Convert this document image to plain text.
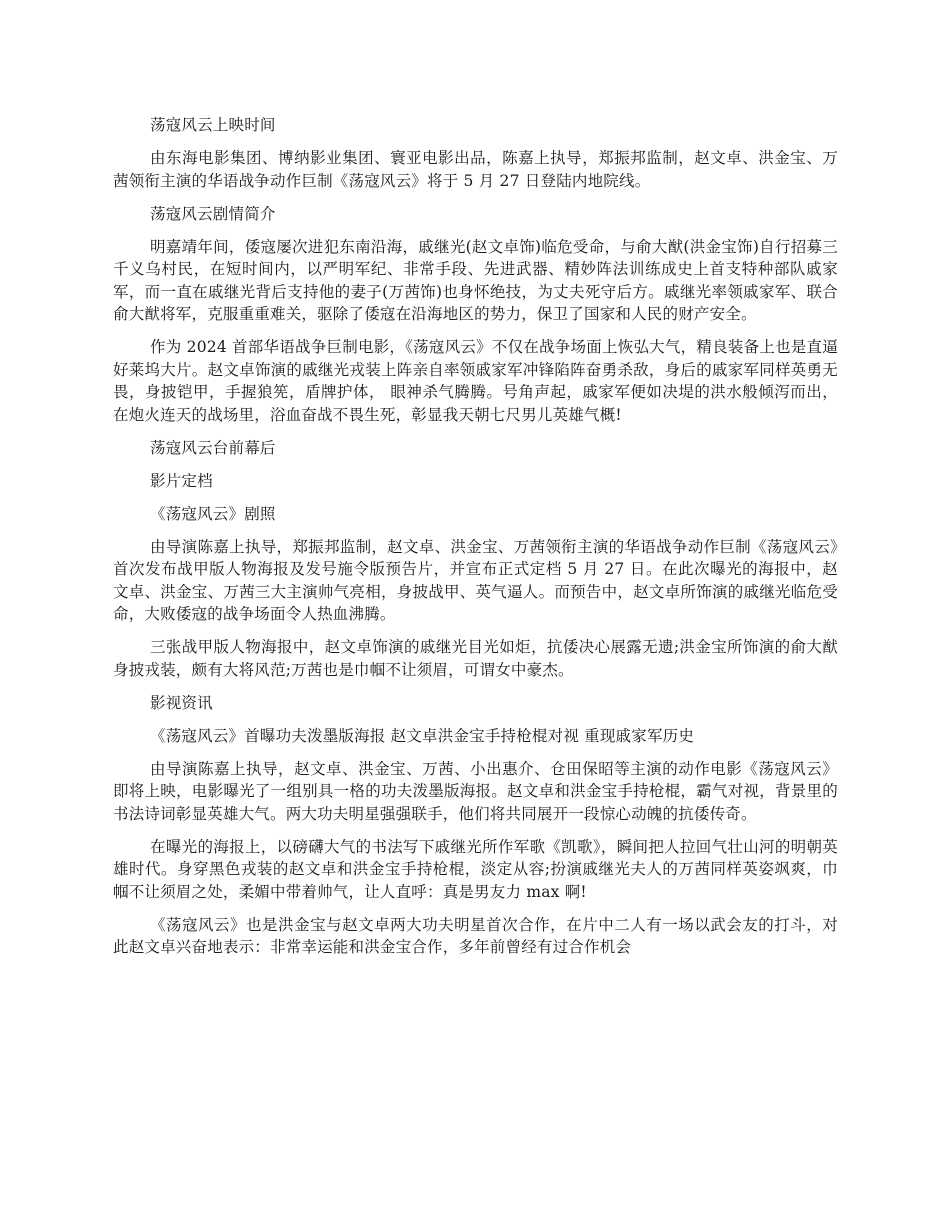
荡寇风云上映时间

由东海电影集团、博纳影业集团、寰亚电影出品，陈嘉上执导，郑振邦监制，赵文卓、洪金宝、万茜领衔主演的华语战争动作巨制《荡寇风云》将于 5 月 27 日登陆内地院线。

荡寇风云剧情简介

明嘉靖年间，倭寇屡次进犯东南沿海，戚继光(赵文卓饰)临危受命，与俞大猷(洪金宝饰)自行招募三千义乌村民，在短时间内，以严明军纪、非常手段、先进武器、精妙阵法训练成史上首支特种部队戚家军，而一直在戚继光背后支持他的妻子(万茜饰)也身怀绝技，为丈夫死守后方。戚继光率领戚家军、联合俞大猷将军，克服重重难关，驱除了倭寇在沿海地区的势力，保卫了国家和人民的财产安全。

作为 2024 首部华语战争巨制电影，《荡寇风云》不仅在战争场面上恢弘大气，精良装备上也是直逼好莱坞大片。赵文卓饰演的戚继光戎装上阵亲自率领戚家军冲锋陷阵奋勇杀敌，身后的戚家军同样英勇无畏，身披铠甲，手握狼筅，盾牌护体， 眼神杀气腾腾。号角声起，戚家军便如决堤的洪水般倾泻而出，在炮火连天的战场里，浴血奋战不畏生死，彰显我天朝七尺男儿英雄气概!

荡寇风云台前幕后

影片定档

《荡寇风云》剧照

由导演陈嘉上执导，郑振邦监制，赵文卓、洪金宝、万茜领衔主演的华语战争动作巨制《荡寇风云》首次发布战甲版人物海报及发号施令版预告片，并宣布正式定档 5 月 27 日。在此次曝光的海报中，赵文卓、洪金宝、万茜三大主演帅气亮相，身披战甲、英气逼人。而预告中，赵文卓所饰演的戚继光临危受命，大败倭寇的战争场面令人热血沸腾。

三张战甲版人物海报中，赵文卓饰演的戚继光目光如炬，抗倭决心展露无遗;洪金宝所饰演的俞大猷身披戎装，颇有大将风范;万茜也是巾帼不让须眉，可谓女中豪杰。

影视资讯

《荡寇风云》首曝功夫泼墨版海报 赵文卓洪金宝手持枪棍对视 重现戚家军历史

由导演陈嘉上执导，赵文卓、洪金宝、万茜、小出惠介、仓田保昭等主演的动作电影《荡寇风云》即将上映，电影曝光了一组别具一格的功夫泼墨版海报。赵文卓和洪金宝手持枪棍，霸气对视，背景里的书法诗词彰显英雄大气。两大功夫明星强强联手，他们将共同展开一段惊心动魄的抗倭传奇。

在曝光的海报上，以磅礴大气的书法写下戚继光所作军歌《凯歌》，瞬间把人拉回气壮山河的明朝英雄时代。身穿黑色戎装的赵文卓和洪金宝手持枪棍，淡定从容;扮演戚继光夫人的万茜同样英姿飒爽，巾帼不让须眉之处，柔媚中带着帅气，让人直呼：真是男友力 max 啊!

《荡寇风云》也是洪金宝与赵文卓两大功夫明星首次合作，在片中二人有一场以武会友的打斗，对此赵文卓兴奋地表示：非常幸运能和洪金宝合作，多年前曾经有过合作机会
